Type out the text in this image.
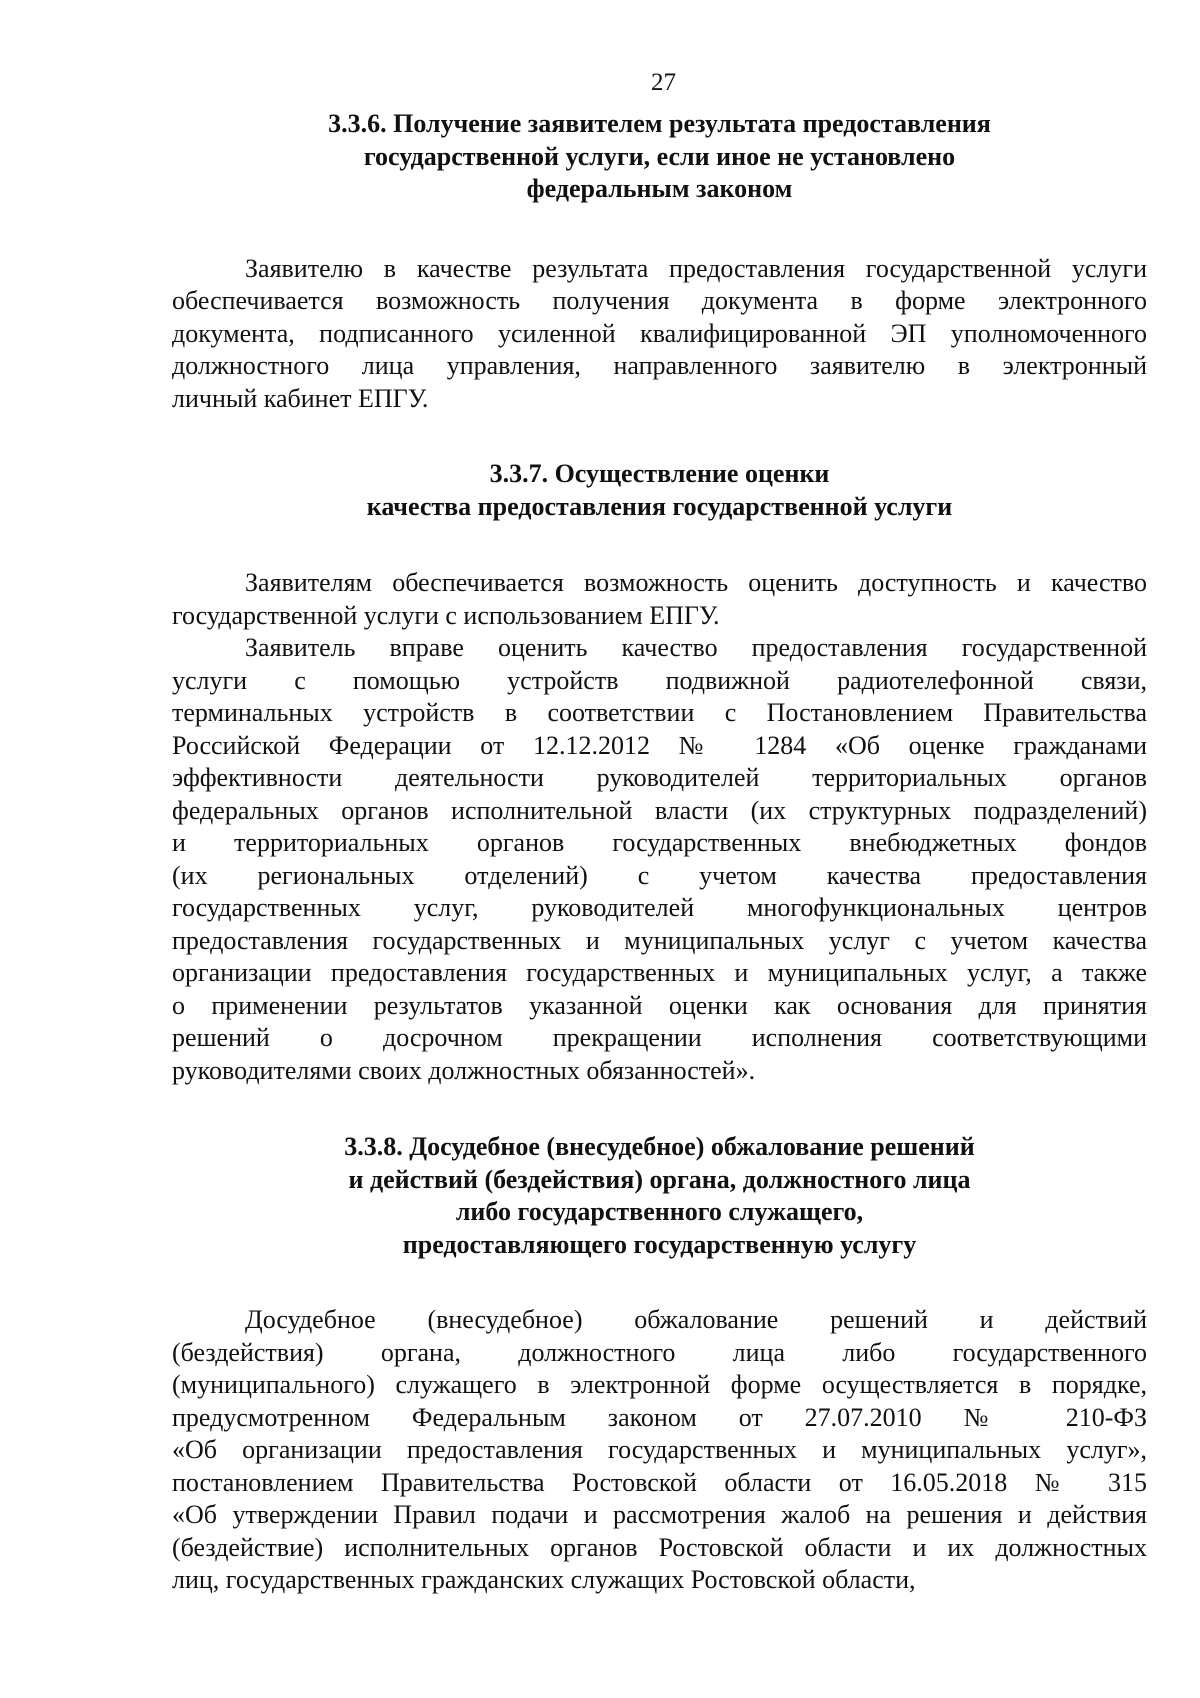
27
3.3.6. Получение заявителем результата предоставления
государственной услуги, если иное не установлено
федеральным законом
Заявителю в качестве результата предоставления государственной услуги
обеспечивается возможность получения документа в форме электронного
документа, подписанного усиленной квалифицированной ЭП уполномоченного
должностного лица управления, направленного заявителю в электронный
личный кабинет ЕПГУ.
3.3.7. Осуществление оценки
качества предоставления государственной услуги
Заявителям обеспечивается возможность оценить доступность и качество
государственной услуги с использованием ЕПГУ.
Заявитель вправе оценить качество предоставления государственной
услуги с помощью устройств подвижной радиотелефонной связи,
терминальных устройств в соответствии с Постановлением Правительства
Российской Федерации от 12.12.2012 № 1284 «Об оценке гражданами
эффективности деятельности руководителей территориальных органов
федеральных органов исполнительной власти (их структурных подразделений)
и территориальных органов государственных внебюджетных фондов
(их региональных отделений) с учетом качества предоставления
государственных услуг, руководителей многофункциональных центров
предоставления государственных и муниципальных услуг с учетом качества
организации предоставления государственных и муниципальных услуг, а также
о применении результатов указанной оценки как основания для принятия
решений о досрочном прекращении исполнения соответствующими
руководителями своих должностных обязанностей».
3.3.8. Досудебное (внесудебное) обжалование решений
и действий (бездействия) органа, должностного лица
либо государственного служащего,
предоставляющего государственную услугу
Досудебное (внесудебное) обжалование решений и действий
(бездействия) органа, должностного лица либо государственного
(муниципального) служащего в электронной форме осуществляется в порядке,
предусмотренном Федеральным законом от 27.07.2010 № 210-ФЗ
«Об организации предоставления государственных и муниципальных услуг»,
постановлением Правительства Ростовской области от 16.05.2018 № 315
«Об утверждении Правил подачи и рассмотрения жалоб на решения и действия
(бездействие) исполнительных органов Ростовской области и их должностных
лиц, государственных гражданских служащих Ростовской области,
